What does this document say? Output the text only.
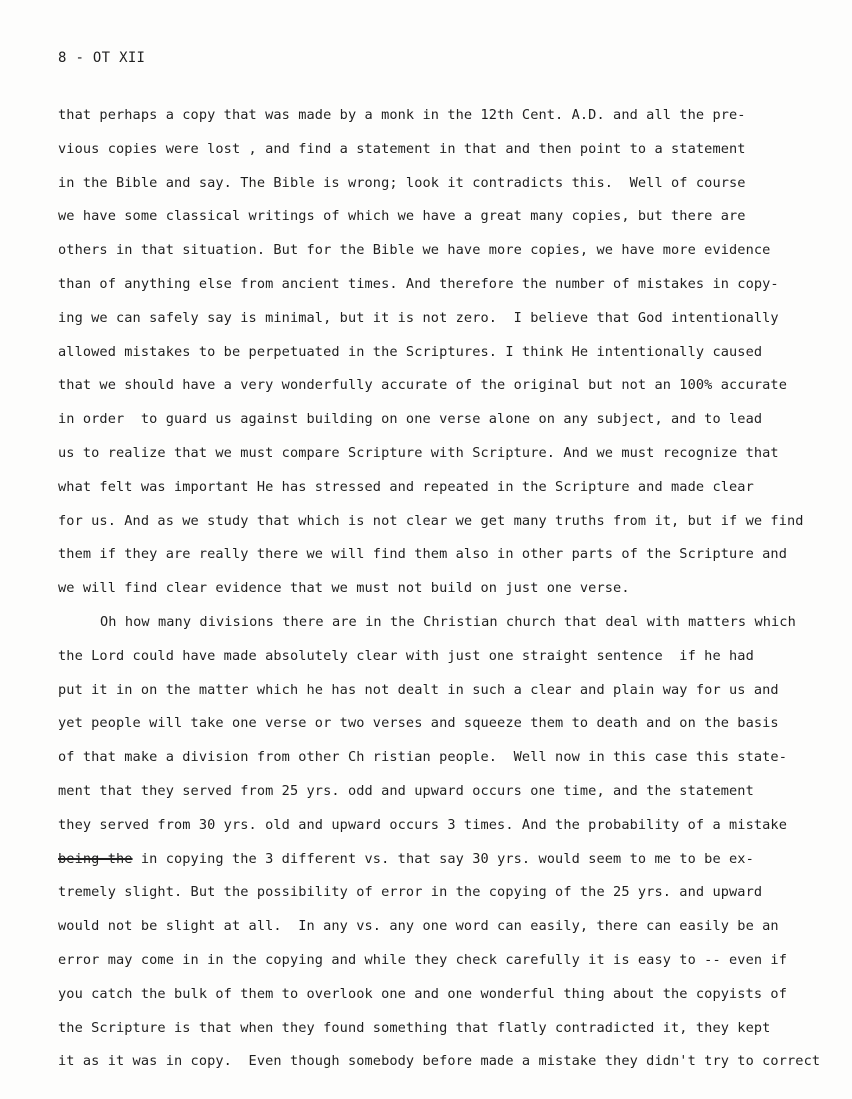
8 - OT XII
that perhaps a copy that was made by a monk in the 12th Cent. A.D. and all the pre-
vious copies were lost , and find a statement in that and then point to a statement
in the Bible and say. The Bible is wrong; look it contradicts this.  Well of course
we have some classical writings of which we have a great many copies, but there are
others in that situation. But for the Bible we have more copies, we have more evidence
than of anything else from ancient times. And therefore the number of mistakes in copy-
ing we can safely say is minimal, but it is not zero.  I believe that God intentionally
allowed mistakes to be perpetuated in the Scriptures. I think He intentionally caused
that we should have a very wonderfully accurate of the original but not an 100% accurate
in order  to guard us against building on one verse alone on any subject, and to lead
us to realize that we must compare Scripture with Scripture. And we must recognize that
what felt was important He has stressed and repeated in the Scripture and made clear
for us. And as we study that which is not clear we get many truths from it, but if we find
them if they are really there we will find them also in other parts of the Scripture and
we will find clear evidence that we must not build on just one verse.
Oh how many divisions there are in the Christian church that deal with matters which
the Lord could have made absolutely clear with just one straight sentence  if he had
put it in on the matter which he has not dealt in such a clear and plain way for us and
yet people will take one verse or two verses and squeeze them to death and on the basis
of that make a division from other Ch ristian people.  Well now in this case this state-
ment that they served from 25 yrs. odd and upward occurs one time, and the statement
they served from 30 yrs. old and upward occurs 3 times. And the probability of a mistake
being the in copying the 3 different vs. that say 30 yrs. would seem to me to be ex-
tremely slight. But the possibility of error in the copying of the 25 yrs. and upward
would not be slight at all.  In any vs. any one word can easily, there can easily be an
error may come in in the copying and while they check carefully it is easy to -- even if
you catch the bulk of them to overlook one and one wonderful thing about the copyists of
the Scripture is that when they found something that flatly contradicted it, they kept
it as it was in copy.  Even though somebody before made a mistake they didn't try to correct
